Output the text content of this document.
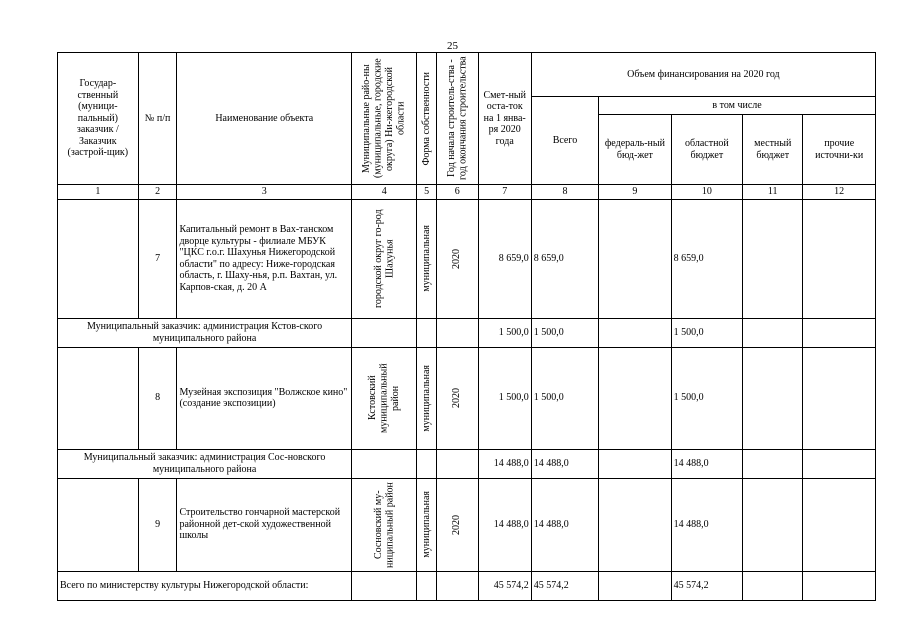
25
Государ-ственный (муници-пальный) заказчик / Заказчик (застрой-щик)	№ п/п	Наименование объекта	Муниципальные райо-ны (муниципальные, городские округа) Ни-жегородской области	Форма собственности	Год начала строитель-ства - год окончания строительства	Смет-ный оста-ток на 1 янва-ря 2020 года	Объем финансирования на 2020 год				
							Всего	в том числе			
								федераль-ный бюд-жет	областной бюджет	местный бюджет	прочие источни-ки
1	2	3	4	5	6	7	8	9	10	11	12
	7	Капитальный ремонт в Вах-танском дворце культуры - филиале МБУК "ЦКС г.о.г. Шахунья Нижегородской области" по адресу: Ниже-городская область, г. Шаху-нья, р.п. Вахтан, ул. Карпов-ская, д. 20 А	городской округ го-род Шахунья	муниципальная	2020	8 659,0	8 659,0		8 659,0		
Муниципальный заказчик: администрация Кстов-ского муниципального района						1 500,0	1 500,0		1 500,0		
	8	Музейная экспозиция "Волжское кино" (создание экспозиции)	Кстовский муниципальный район	муниципальная	2020	1 500,0	1 500,0		1 500,0		
Муниципальный заказчик: администрация Сос-новского муниципального района						14 488,0	14 488,0		14 488,0		
	9	Строительство гончарной мастерской районной дет-ской художественной школы	Сосновский му-ниципальный район	муниципальная	2020	14 488,0	14 488,0		14 488,0		
Всего по министерству культуры Нижегородской области:						45 574,2	45 574,2		45 574,2		
